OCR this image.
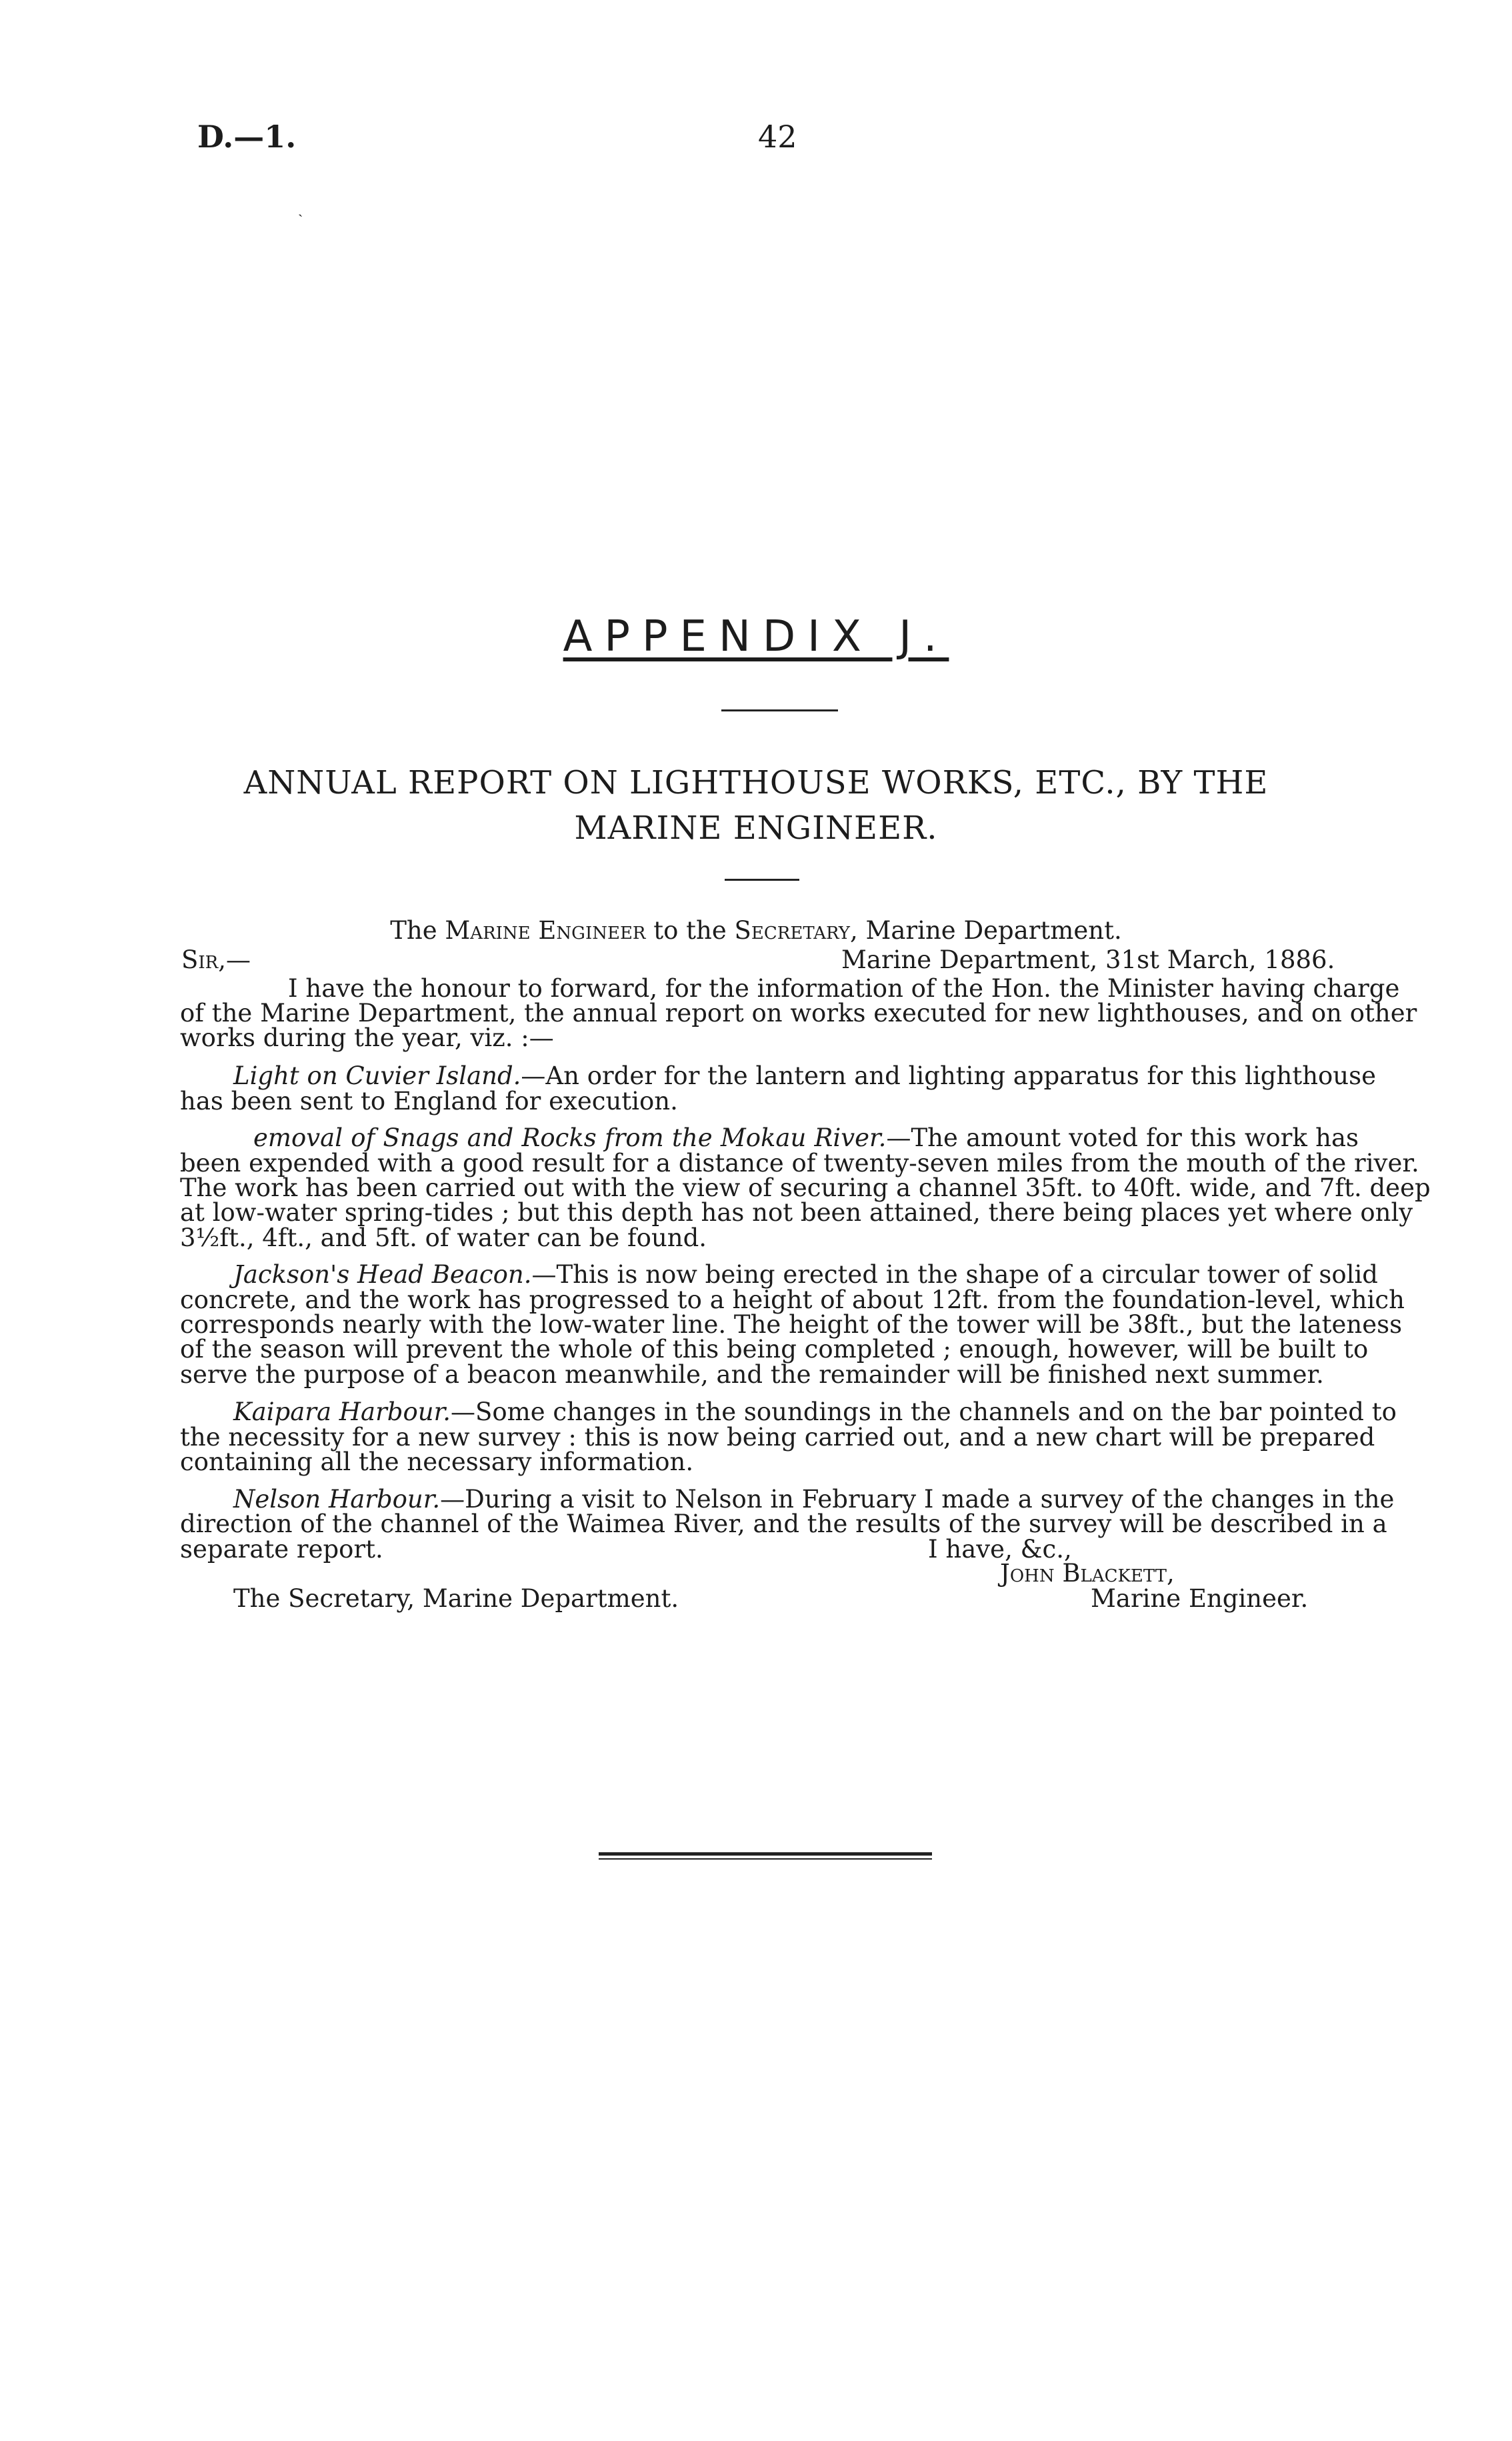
D.—1.	42
ˎ
APPENDIX J.
ANNUAL REPORT ON LIGHTHOUSE WORKS, ETC., BY THE
MARINE ENGINEER.
The Marine Engineer to the Secretary, Marine Department.
Sir,—	Marine Department, 31st March, 1886.
I have the honour to forward, for the information of the Hon. the Minister having charge
of the Marine Department, the annual report on works executed for new lighthouses, and on other
works during the year, viz. :—
Light on Cuvier Island.—An order for the lantern and lighting apparatus for this lighthouse
has been sent to England for execution.
emoval of Snags and Rocks from the Mokau River.—The amount voted for this work has
been expended with a good result for a distance of twenty-seven miles from the mouth of the river.
The work has been carried out with the view of securing a channel 35ft. to 40ft. wide, and 7ft. deep
at low-water spring-tides ; but this depth has not been attained, there being places yet where only
3½ft., 4ft., and 5ft. of water can be found.
Jackson's Head Beacon.—This is now being erected in the shape of a circular tower of solid
concrete, and the work has progressed to a height of about 12ft. from the foundation-level, which
corresponds nearly with the low-water line. The height of the tower will be 38ft., but the lateness
of the season will prevent the whole of this being completed ; enough, however, will be built to
serve the purpose of a beacon meanwhile, and the remainder will be finished next summer.
Kaipara Harbour.—Some changes in the soundings in the channels and on the bar pointed to
the necessity for a new survey : this is now being carried out, and a new chart will be prepared
containing all the necessary information.
Nelson Harbour.—During a visit to Nelson in February I made a survey of the changes in the
direction of the channel of the Waimea River, and the results of the survey will be described in a
separate report.	I have, &c.,
John Blackett,
The Secretary, Marine Department.	Marine Engineer.
